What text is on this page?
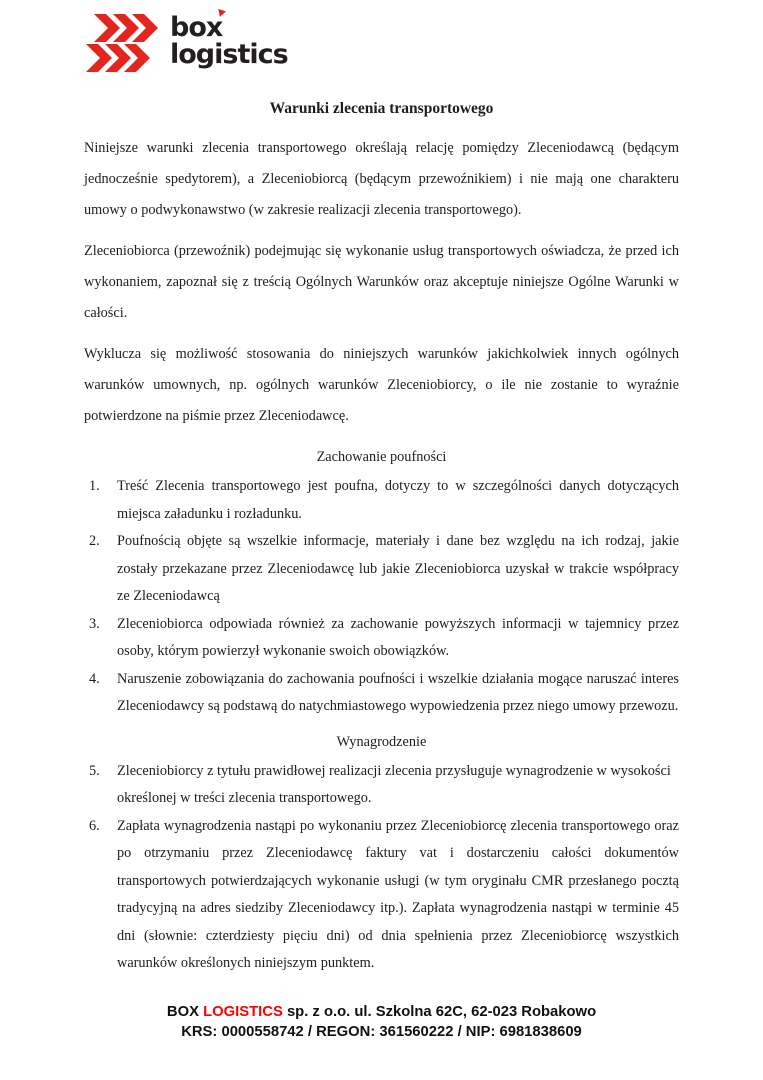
box
logistics
Warunki zlecenia transportowego

Niniejsze warunki zlecenia transportowego określają relację pomiędzy Zleceniodawcą (będącym jednocześnie spedytorem), a Zleceniobiorcą (będącym przewoźnikiem) i nie mają one charakteru umowy o podwykonawstwo (w zakresie realizacji zlecenia transportowego).

Zleceniobiorca (przewoźnik) podejmując się wykonanie usług transportowych oświadcza, że przed ich wykonaniem, zapoznał się z treścią Ogólnych Warunków oraz akceptuje niniejsze Ogólne Warunki w całości.

Wyklucza się możliwość stosowania do niniejszych warunków jakichkolwiek innych ogólnych warunków umownych, np. ogólnych warunków Zleceniobiorcy, o ile nie zostanie to wyraźnie potwierdzone na piśmie przez Zleceniodawcę.

Zachowanie poufności
1. Treść Zlecenia transportowego jest poufna, dotyczy to w szczególności danych dotyczących miejsca załadunku i rozładunku.
2. Poufnością objęte są wszelkie informacje, materiały i dane bez względu na ich rodzaj, jakie zostały przekazane przez Zleceniodawcę lub jakie Zleceniobiorca uzyskał w trakcie współpracy ze Zleceniodawcą
3. Zleceniobiorca odpowiada również za zachowanie powyższych informacji w tajemnicy przez osoby, którym powierzył wykonanie swoich obowiązków.
4. Naruszenie zobowiązania do zachowania poufności i wszelkie działania mogące naruszać interes Zleceniodawcy są podstawą do natychmiastowego wypowiedzenia przez niego umowy przewozu.
Wynagrodzenie
5. Zleceniobiorcy z tytułu prawidłowej realizacji zlecenia przysługuje wynagrodzenie w wysokości określonej w treści zlecenia transportowego.
6. Zapłata wynagrodzenia nastąpi po wykonaniu przez Zleceniobiorcę zlecenia transportowego oraz po otrzymaniu przez Zleceniodawcę faktury vat i dostarczeniu całości dokumentów transportowych potwierdzających wykonanie usługi (w tym oryginału CMR przesłanego pocztą tradycyjną na adres siedziby Zleceniodawcy itp.). Zapłata wynagrodzenia nastąpi w terminie 45 dni (słownie: czterdziesty pięciu dni) od dnia spełnienia przez Zleceniobiorcę wszystkich warunków określonych niniejszym punktem.
BOX LOGISTICS sp. z o.o. ul. Szkolna 62C, 62-023 Robakowo
KRS: 0000558742 / REGON: 361560222 / NIP: 6981838609
